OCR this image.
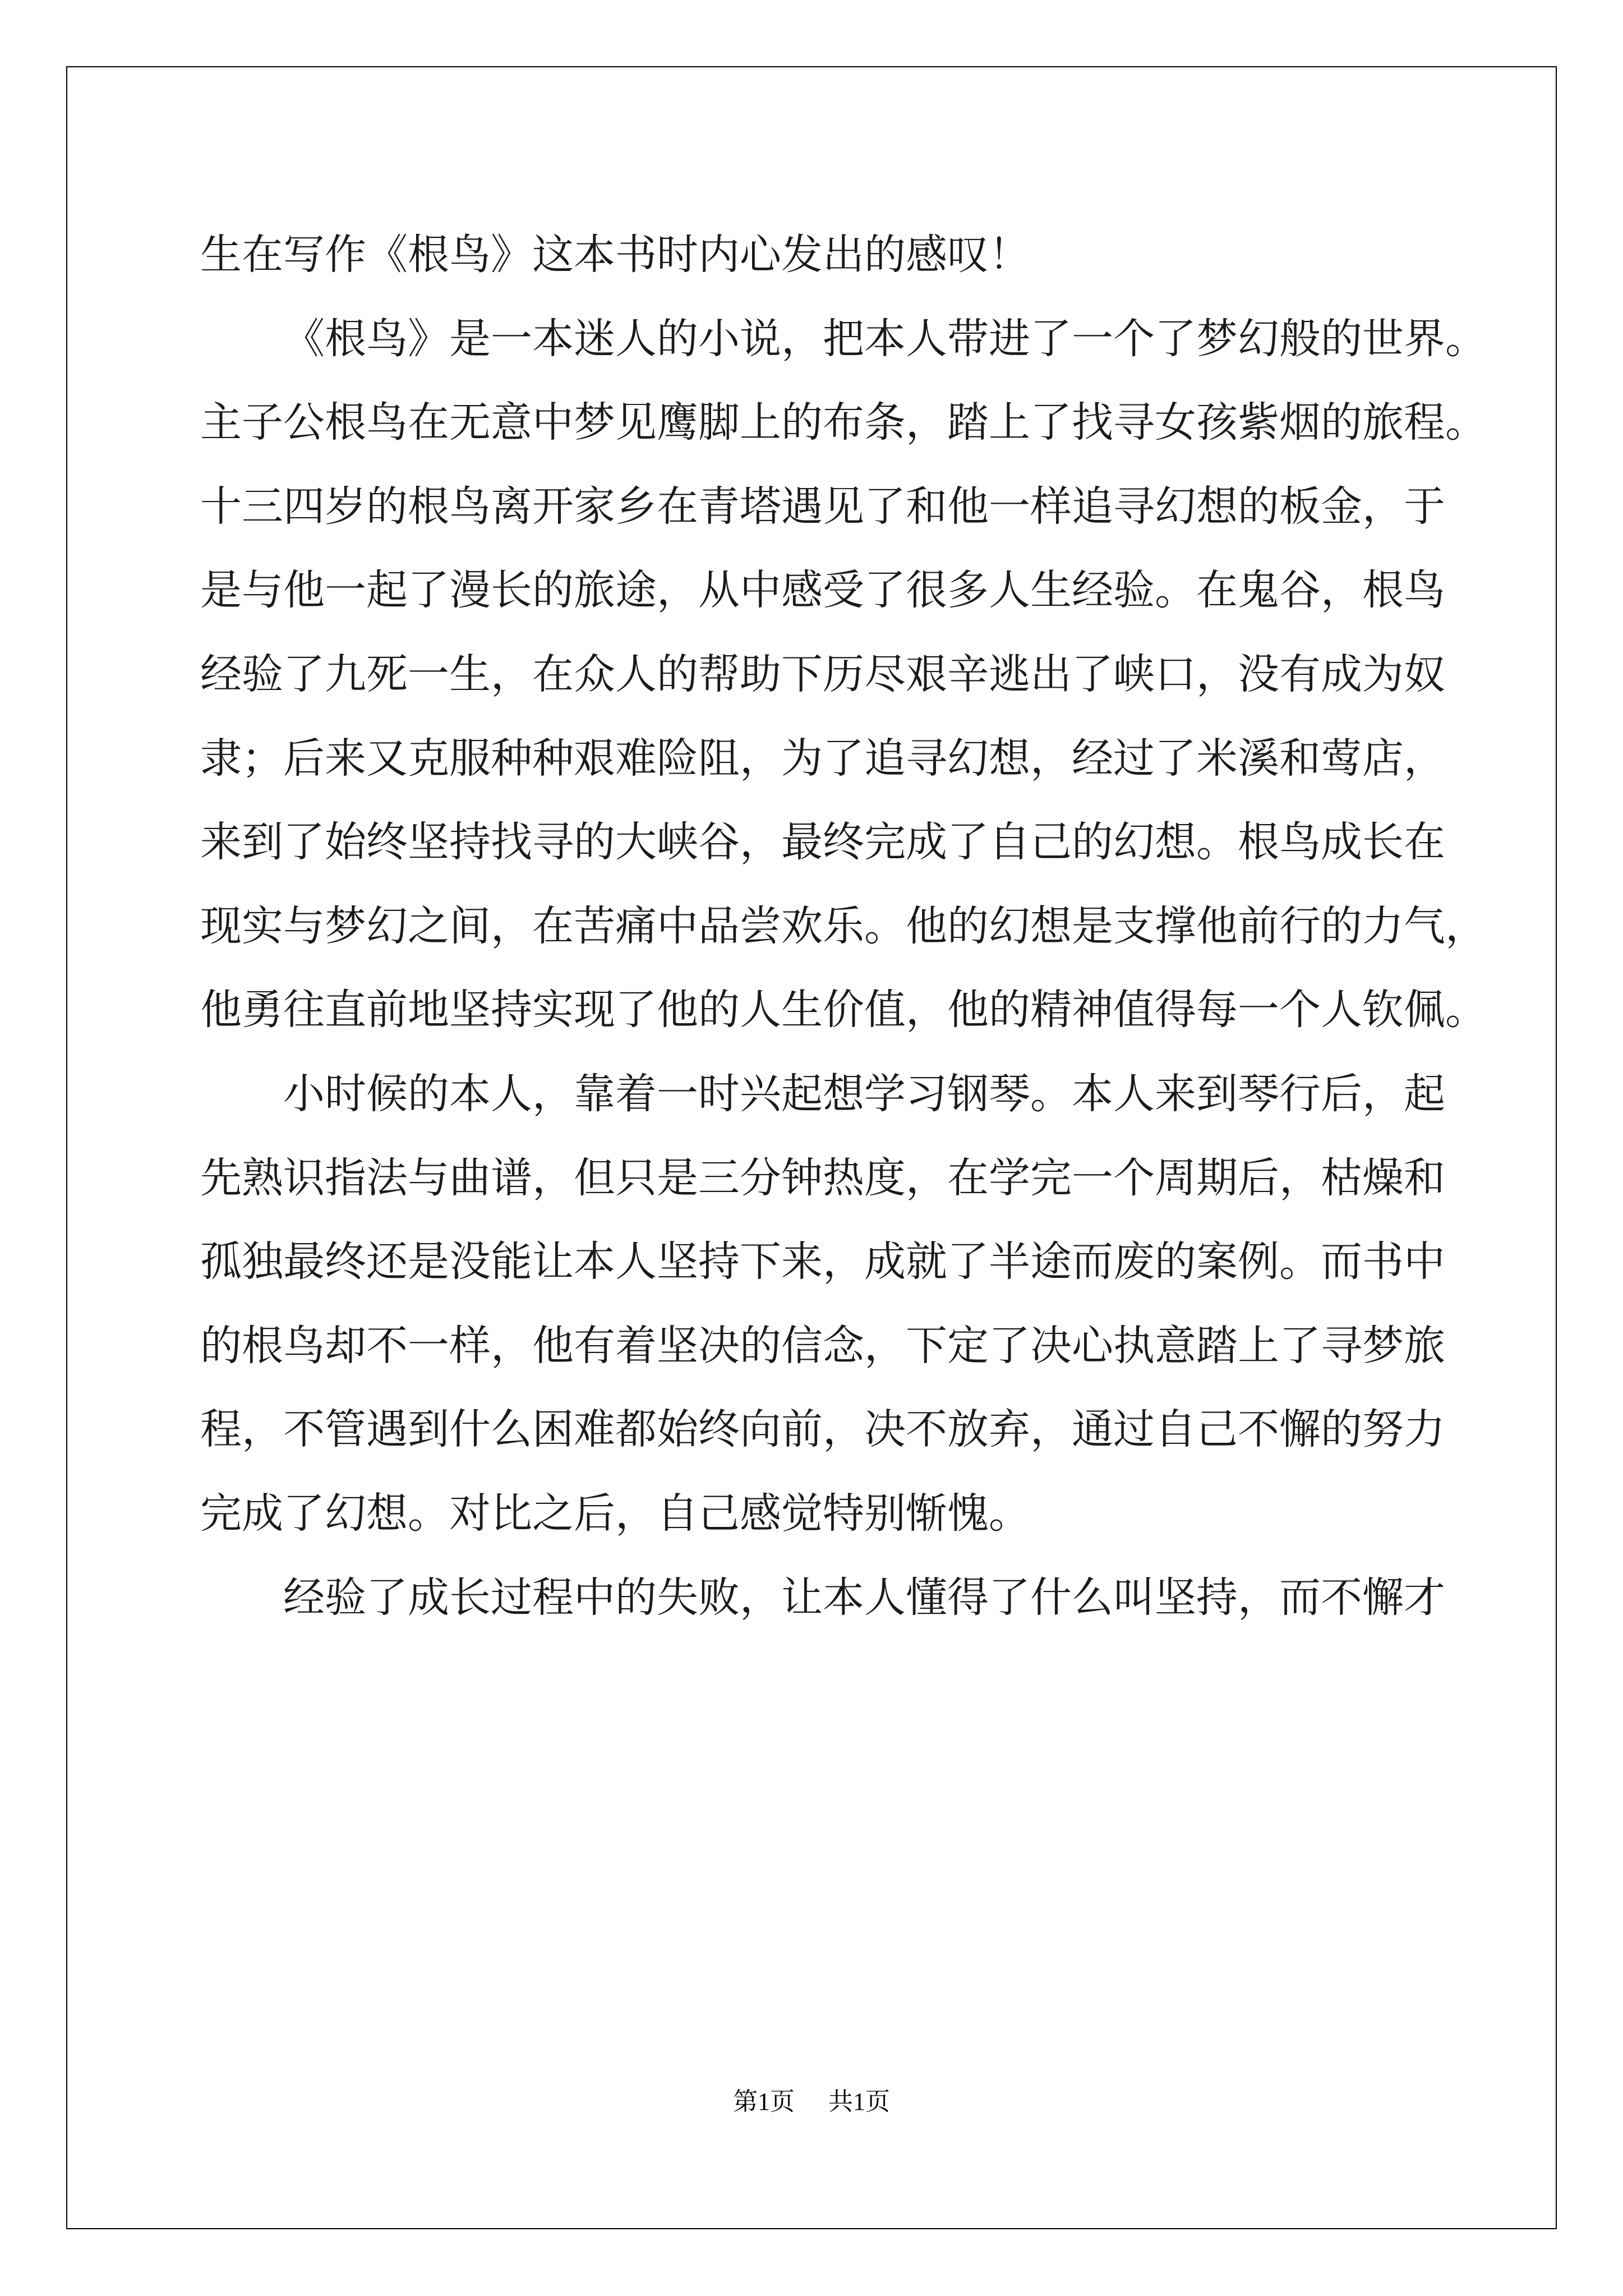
生在写作《根鸟》这本书时内心发出的感叹！
《根鸟》是一本迷人的小说，把本人带进了一个了梦幻般的世界。
主子公根鸟在无意中梦见鹰脚上的布条，踏上了找寻女孩紫烟的旅程。
十三四岁的根鸟离开家乡在青塔遇见了和他一样追寻幻想的板金，于
是与他一起了漫长的旅途，从中感受了很多人生经验。在鬼谷，根鸟
经验了九死一生，在众人的帮助下历尽艰辛逃出了峡口，没有成为奴
隶；后来又克服种种艰难险阻，为了追寻幻想，经过了米溪和莺店，
来到了始终坚持找寻的大峡谷，最终完成了自己的幻想。根鸟成长在
现实与梦幻之间，在苦痛中品尝欢乐。他的幻想是支撑他前行的力气，
他勇往直前地坚持实现了他的人生价值，他的精神值得每一个人钦佩。
小时候的本人，靠着一时兴起想学习钢琴。本人来到琴行后，起
先熟识指法与曲谱，但只是三分钟热度，在学完一个周期后，枯燥和
孤独最终还是没能让本人坚持下来，成就了半途而废的案例。而书中
的根鸟却不一样，他有着坚决的信念，下定了决心执意踏上了寻梦旅
程，不管遇到什么困难都始终向前，决不放弃，通过自己不懈的努力
完成了幻想。对比之后，自己感觉特别惭愧。
经验了成长过程中的失败，让本人懂得了什么叫坚持，而不懈才
第1页 共1页
